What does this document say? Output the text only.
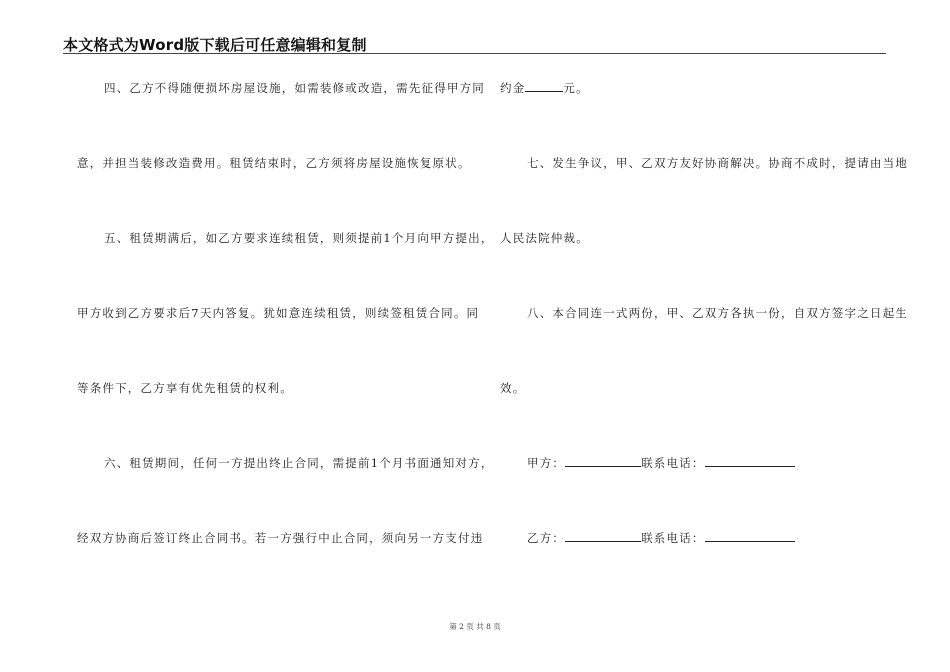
本文格式为Word版下载后可任意编辑和复制
四、乙方不得随便损坏房屋设施，如需装修或改造，需先征得甲方同
意，并担当装修改造费用。租赁结束时，乙方须将房屋设施恢复原状。
五、租赁期满后，如乙方要求连续租赁，则须提前1个月向甲方提出，
甲方收到乙方要求后7天内答复。犹如意连续租赁，则续签租赁合同。同
等条件下，乙方享有优先租赁的权利。
六、租赁期间，任何一方提出终止合同，需提前1个月书面通知对方，
经双方协商后签订终止合同书。若一方强行中止合同，须向另一方支付违
约金	元。
七、发生争议，甲、乙双方友好协商解决。协商不成时，提请由当地
人民法院仲裁。
八、本合同连一式两份，甲、乙双方各执一份，自双方签字之日起生
效。
甲方：	联系电话：
乙方：	联系电话：
第 2 页 共 8 页
